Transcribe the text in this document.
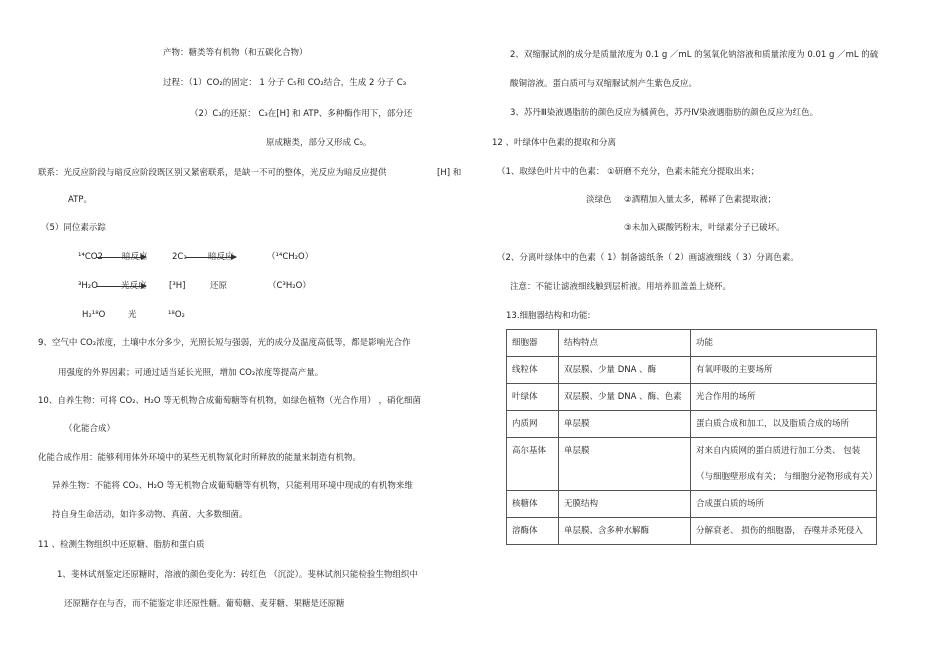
产物：糖类等有机物（和五碳化合物）
过程：（1）CO₂的固定： 1 分子 C₅和 CO₂结合，生成 2 分子 C₃
（2）C₃的还原： C₃在[H] 和 ATP、多种酶作用下，部分还
原成糖类，部分又形成 C₅。
联系：光反应阶段与暗反应阶段既区别又紧密联系，是缺一不可的整体，光反应为暗反应提供	[H] 和
ATP。
（5）同位素示踪
¹⁴CO2 暗反应	2C₃ 暗反应	（¹⁴CH₂O）
³H₂O	光反应	[³H]	还原	（C³H₂O）
H₂¹⁸O	光	¹⁸O₂
9、空气中 CO₂浓度，土壤中水分多少，光照长短与强弱，光的成分及温度高低等，都是影响光合作
用强度的外界因素；可通过适当延长光照，增加 CO₂浓度等提高产量。
10、自养生物：可将 CO₂、H₂O 等无机物合成葡萄糖等有机物，如绿色植物（光合作用） ，硝化细菌
（化能合成）
化能合成作用：能够利用体外环境中的某些无机物氧化时所释放的能量来制造有机物。
异养生物：不能将 CO₂、H₂O 等无机物合成葡萄糖等有机物，只能利用环境中现成的有机物来维
持自身生命活动，如许多动物、真菌、大多数细菌。
11 、检测生物组织中还原糖、脂肪和蛋白质
1、斐林试剂鉴定还原糖时，溶液的颜色变化为：砖红色 （沉淀）。斐林试剂只能检验生物组织中
还原糖存在与否，而不能鉴定非还原性糖。葡萄糖、麦芽糖、果糖是还原糖
2、双缩脲试剂的成分是质量浓度为 0.1 g ／mL 的氢氧化钠溶液和质量浓度为 0.01 g ／mL 的硫
酸铜溶液。蛋白质可与双缩脲试剂产生紫色反应。
3、苏丹Ⅲ染液遇脂肪的颜色反应为橘黄色，苏丹Ⅳ染液遇脂肪的颜色反应为红色。
12 、叶绿体中色素的提取和分离
（1、取绿色叶片中的色素： ①研磨不充分，色素未能充分提取出来；
淡绿色 ②酒精加入量太多，稀释了色素提取液；
③未加入碳酸钙粉末，叶绿素分子已破坏。
（2、分离叶绿体中的色素（ 1）制备滤纸条（ 2）画滤液细线（ 3）分离色素。
注意：不能让滤液细线触到层析液。用培养皿盖盖上烧杯。
13.细胞器结构和功能:
细胞器	结构特点	功能
线粒体	双层膜、少量 DNA 、酶	有氧呼吸的主要场所
叶绿体	双层膜、少量 DNA 、酶、色素	光合作用的场所
内质网	单层膜	蛋白质合成和加工，以及脂质合成的场所
高尔基体	单层膜	对来自内质网的蛋白质进行加工分类、 包装（与细胞壁形成有关； 与细胞分泌物形成有关）
核糖体	无膜结构	合成蛋白质的场所
溶酶体	单层膜、含多种水解酶	分解衰老、 损伤的细胞器， 吞噬并杀死侵入
